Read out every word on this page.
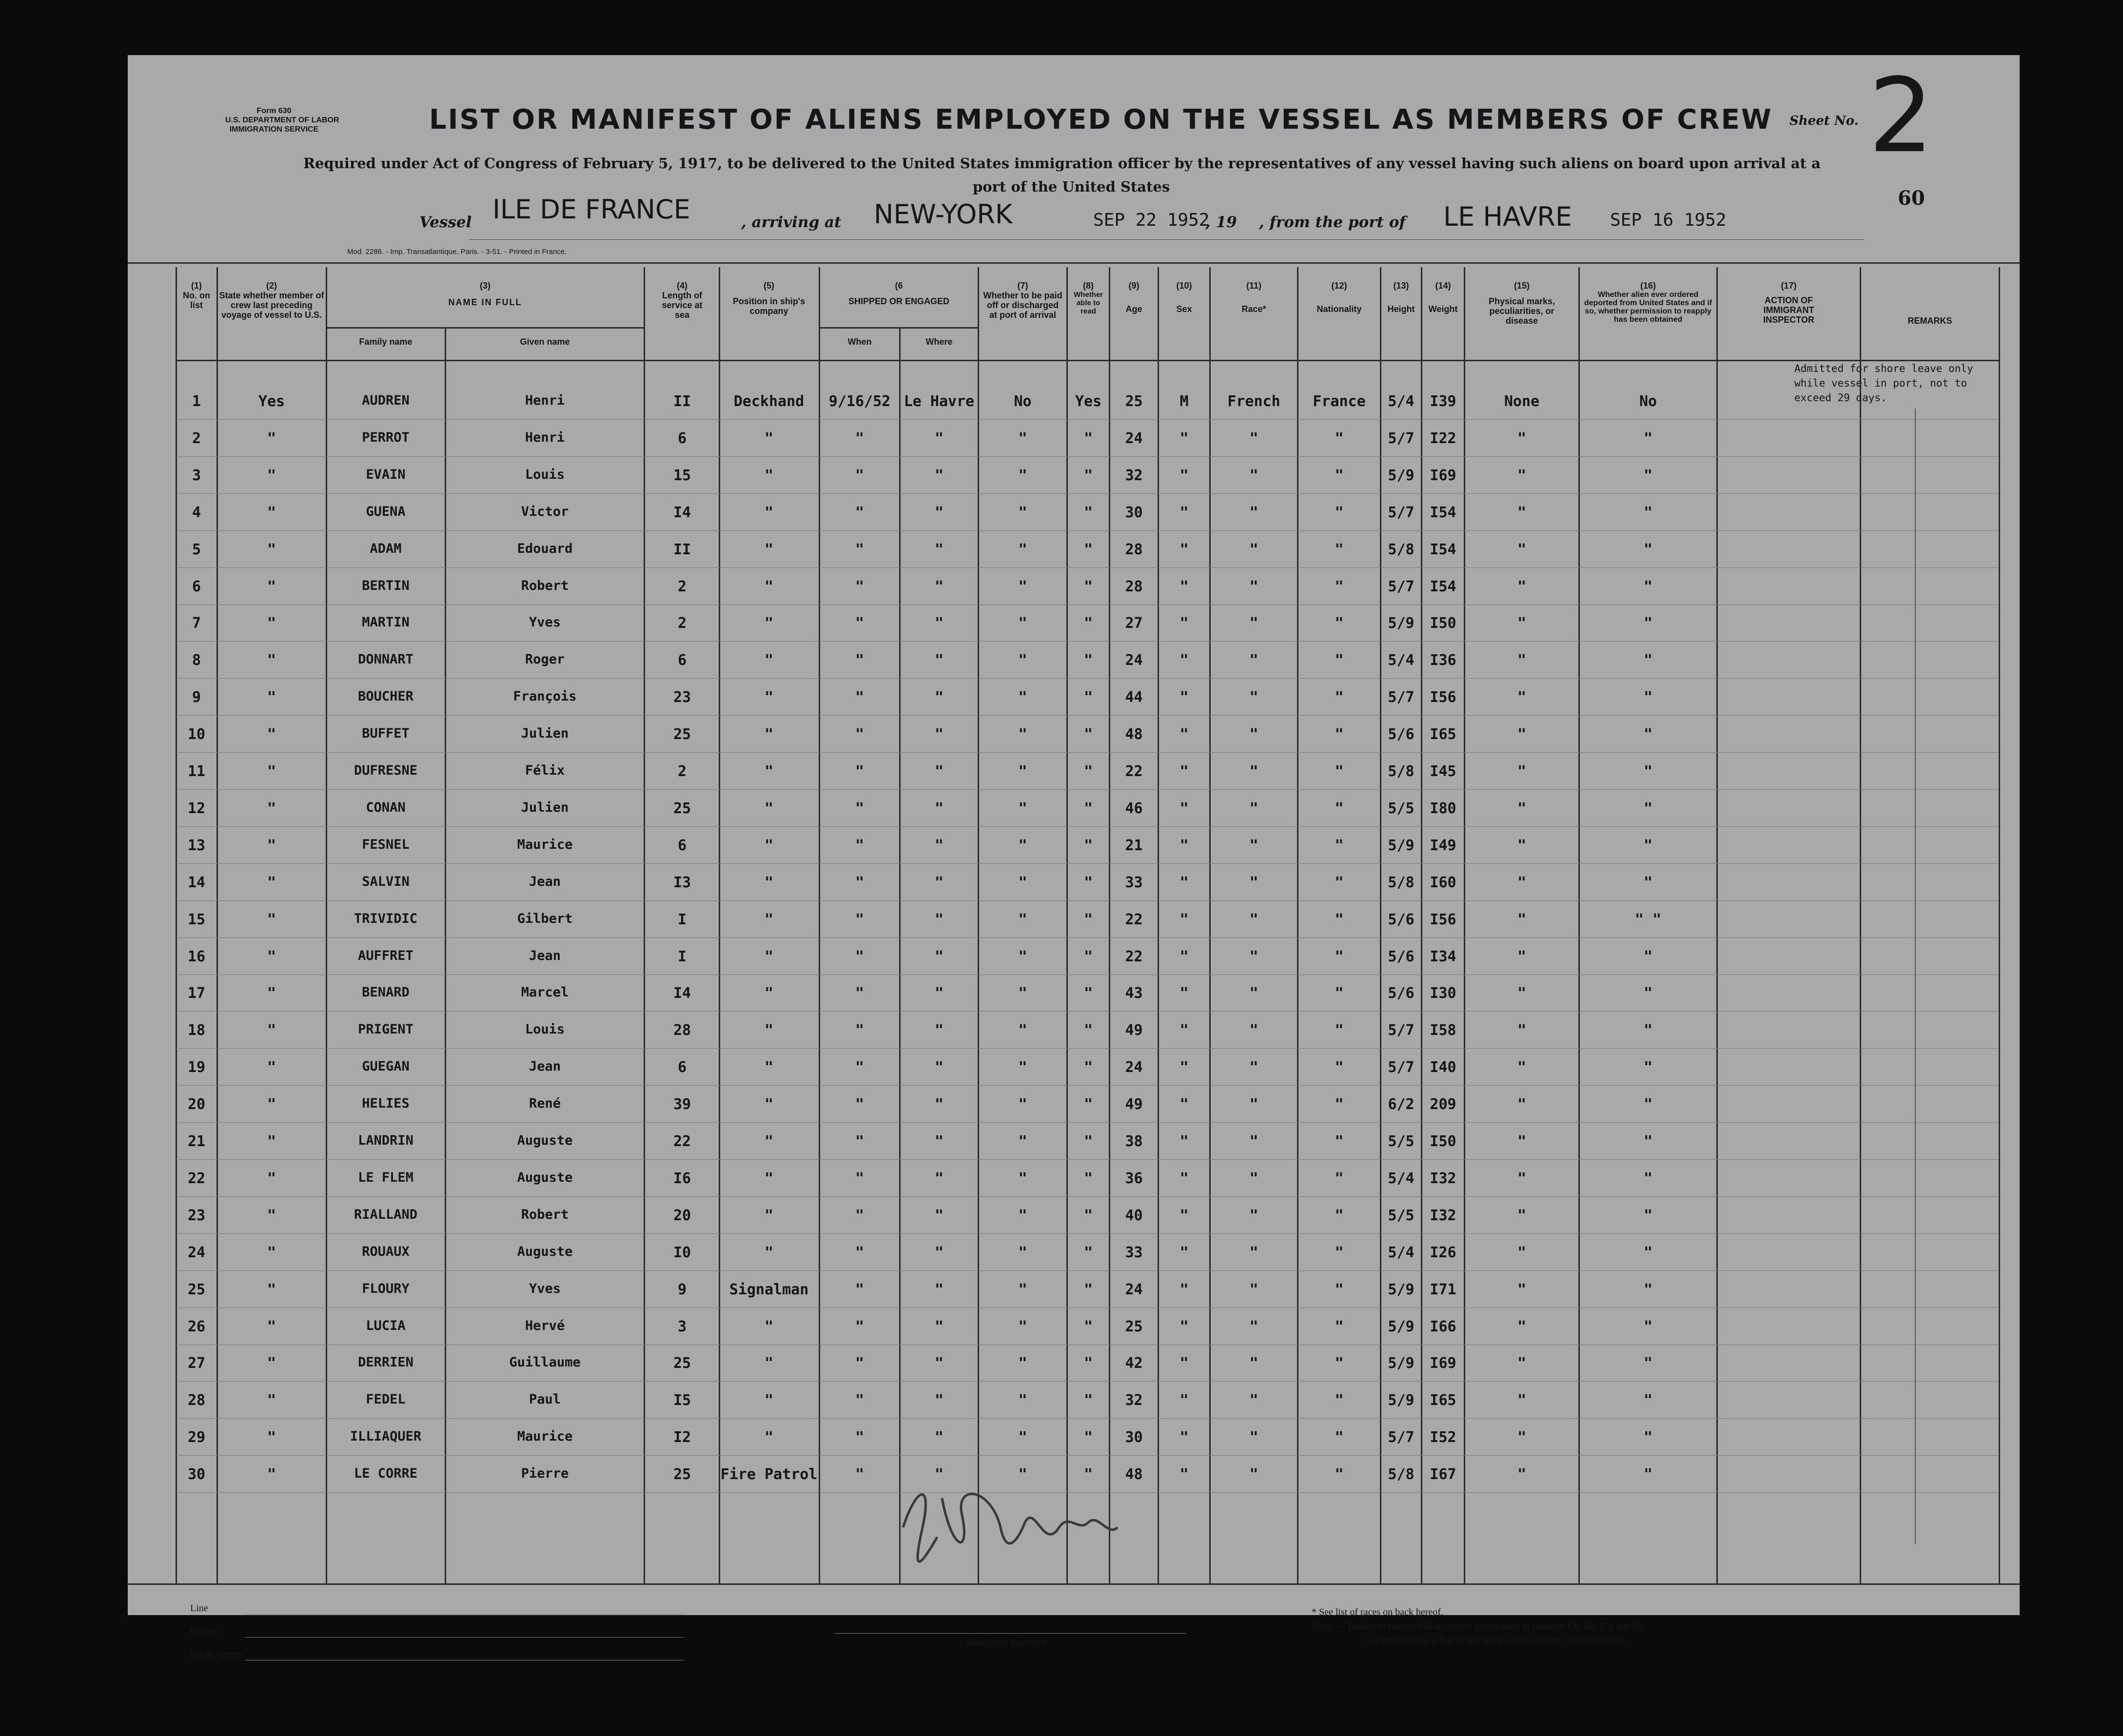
Form 630
U.S. DEPARTMENT OF LABOR
IMMIGRATION SERVICE	LIST OR MANIFEST OF ALIENS EMPLOYED ON THE VESSEL AS MEMBERS OF CREW Sheet No. 2
60
Required under Act of Congress of February 5, 1917, to be delivered to the United States immigration officer by the representatives of any vessel having such aliens on board upon arrival at a
port of the United States
Vessel ILE DE FRANCE	, arriving at NEW-YORK	SEP 22 1952
, 19 , from the port of LE HAVRE SEP 16 1952
Mod. 2286. - Imp. Transatlantique, Paris. - 3-51. - Printed in France.
(1)
No. on list
(2)
State whether member of crew last preceding voyage of vessel to U.S.
(3)
NAME IN FULL
Family name	Given name
(4)
Length of service at sea
(5)
Position in ship's company
(6
SHIPPED OR ENGAGED
When	Where
(7)
Whether to be paid off or discharged at port of arrival
(8)
Whether able to read
(9)
Age
(10)
Sex
(11)
Race*
(12)
Nationality
(13)
Height
(14)
Weight
(15)
Physical marks, peculiarities, or disease
(16)
Whether alien ever ordered deported from United States and if so, whether permission to reapply has been obtained
(17)
ACTION OF IMMIGRANT INSPECTOR	REMARKS
Admitted for shore leave only while vessel in port, not to exceed 29 days.
1	Yes	AUDREN	Henri	II	Deckhand	9/16/52 Le Havre	No	Yes	25	M	French	France	5/4	I39	None	No
2	"	PERROT	Henri	6	"	"	"	"	"	24	"	"	"	5/7	I22	"	"
3	"	EVAIN	Louis	15	"	"	"	"	"	32	"	"	"	5/9	I69	"	"
4	"	GUENA	Victor	I4	"	"	"	"	"	30	"	"	"	5/7	I54	"	"
5	"	ADAM	Edouard	II	"	"	"	"	"	28	"	"	"	5/8	I54	"	"
6	"	BERTIN	Robert	2	"	"	"	"	"	28	"	"	"	5/7	I54	"	"
7	"	MARTIN	Yves	2	"	"	"	"	"	27	"	"	"	5/9	I50	"	"
8	"	DONNART	Roger	6	"	"	"	"	"	24	"	"	"	5/4	I36	"	"
9	"	BOUCHER	François	23	"	"	"	"	"	44	"	"	"	5/7	I56	"	"
10	"	BUFFET	Julien	25	"	"	"	"	"	48	"	"	"	5/6	I65	"	"
11	"	DUFRESNE	Félix	2	"	"	"	"	"	22	"	"	"	5/8	I45	"	"
12	"	CONAN	Julien	25	"	"	"	"	"	46	"	"	"	5/5	I80	"	"
13	"	FESNEL	Maurice	6	"	"	"	"	"	21	"	"	"	5/9	I49	"	"
14	"	SALVIN	Jean	I3	"	"	"	"	"	33	"	"	"	5/8	I60	"	"
15	"	TRIVIDIC	Gilbert	I	"	"	"	"	"	22	"	"	"	5/6	I56	"	" "
16	"	AUFFRET	Jean	I	"	"	"	"	"	22	"	"	"	5/6	I34	"	"
17	"	BENARD	Marcel	I4	"	"	"	"	"	43	"	"	"	5/6	I30	"	"
18	"	PRIGENT	Louis	28	"	"	"	"	"	49	"	"	"	5/7	I58	"	"
19	"	GUEGAN	Jean	6	"	"	"	"	"	24	"	"	"	5/7	I40	"	"
20	"	HELIES	René	39	"	"	"	"	"	49	"	"	"	6/2	209	"	"
21	"	LANDRIN	Auguste	22	"	"	"	"	"	38	"	"	"	5/5	I50	"	"
22	"	LE FLEM	Auguste	I6	"	"	"	"	"	36	"	"	"	5/4	I32	"	"
23	"	RIALLAND	Robert	20	"	"	"	"	"	40	"	"	"	5/5	I32	"	"
24	"	ROUAUX	Auguste	I0	"	"	"	"	"	33	"	"	"	5/4	I26	"	"
25	"	FLOURY	Yves	9	Signalman	"	"	"	"	24	"	"	"	5/9	I71	"	"
26	"	LUCIA	Hervé	3	"	"	"	"	"	25	"	"	"	5/9	I66	"	"
27	"	DERRIEN	Guillaume	25	"	"	"	"	"	42	"	"	"	5/9	I69	"	"
28	"	FEDEL	Paul	I5	"	"	"	"	"	32	"	"	"	5/9	I65	"	"
29	"	ILLIAQUER	Maurice	I2	"	"	"	"	"	30	"	"	"	5/7	I52	"	"
30	"	LE CORRE	Pierre	25	Fire Patrol	"	"	"	"	48	"	"	"	5/8	I67	"	"
Line
Owners
Local Agents
Immigrant Inspector
* See list of races on back hereof.
Note. — Failure to furnish full or correct information in columns (3), (6), (7), and (8)
is punishable by a fine of ten dollars for each alien. See other side.
